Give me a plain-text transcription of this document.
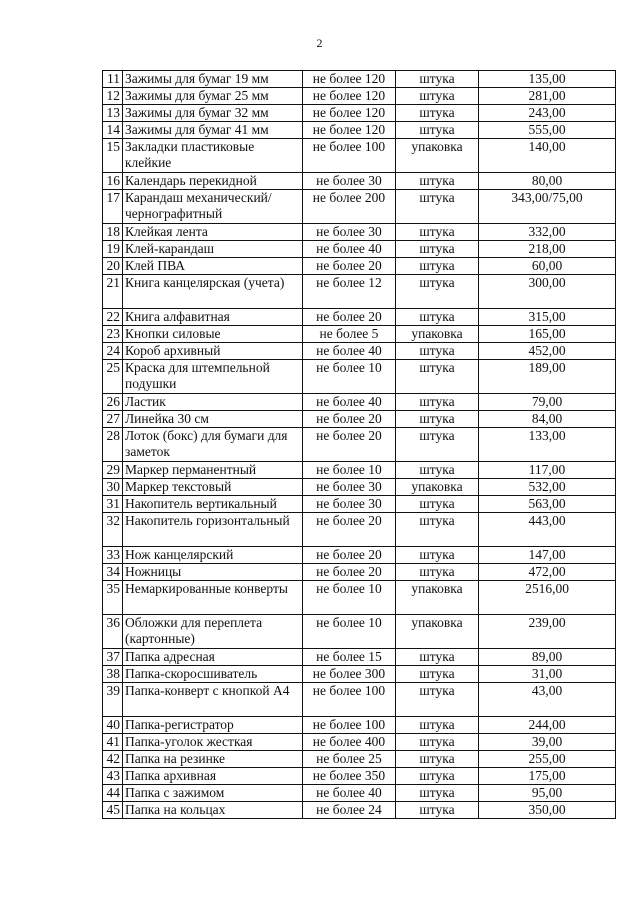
2
11	Зажимы для бумаг 19 мм	не более 120	штука	135,00
12	Зажимы для бумаг 25 мм	не более 120	штука	281,00
13	Зажимы для бумаг 32 мм	не более 120	штука	243,00
14	Зажимы для бумаг 41 мм	не более 120	штука	555,00
15	Закладки пластиковые клейкие	не более 100	упаковка	140,00
16	Календарь перекидной	не более 30	штука	80,00
17	Карандаш механический/ чернографитный	не более 200	штука	343,00/75,00
18	Клейкая лента	не более 30	штука	332,00
19	Клей-карандаш	не более 40	штука	218,00
20	Клей ПВА	не более 20	штука	60,00
21	Книга канцелярская (учета)	не более 12	штука	300,00
22	Книга алфавитная	не более 20	штука	315,00
23	Кнопки силовые	не более 5	упаковка	165,00
24	Короб архивный	не более 40	штука	452,00
25	Краска для штемпельной подушки	не более 10	штука	189,00
26	Ластик	не более 40	штука	79,00
27	Линейка 30 см	не более 20	штука	84,00
28	Лоток (бокс) для бумаги для заметок	не более 20	штука	133,00
29	Маркер перманентный	не более 10	штука	117,00
30	Маркер текстовый	не более 30	упаковка	532,00
31	Накопитель вертикальный	не более 30	штука	563,00
32	Накопитель горизонтальный	не более 20	штука	443,00
33	Нож канцелярский	не более 20	штука	147,00
34	Ножницы	не более 20	штука	472,00
35	Немаркированные конверты	не более 10	упаковка	2516,00
36	Обложки для переплета (картонные)	не более 10	упаковка	239,00
37	Папка адресная	не более 15	штука	89,00
38	Папка-скоросшиватель	не более 300	штука	31,00
39	Папка-конверт с кнопкой А4	не более 100	штука	43,00
40	Папка-регистратор	не более 100	штука	244,00
41	Папка-уголок жесткая	не более 400	штука	39,00
42	Папка на резинке	не более 25	штука	255,00
43	Папка архивная	не более 350	штука	175,00
44	Папка с зажимом	не более 40	штука	95,00
45	Папка на кольцах	не более 24	штука	350,00
